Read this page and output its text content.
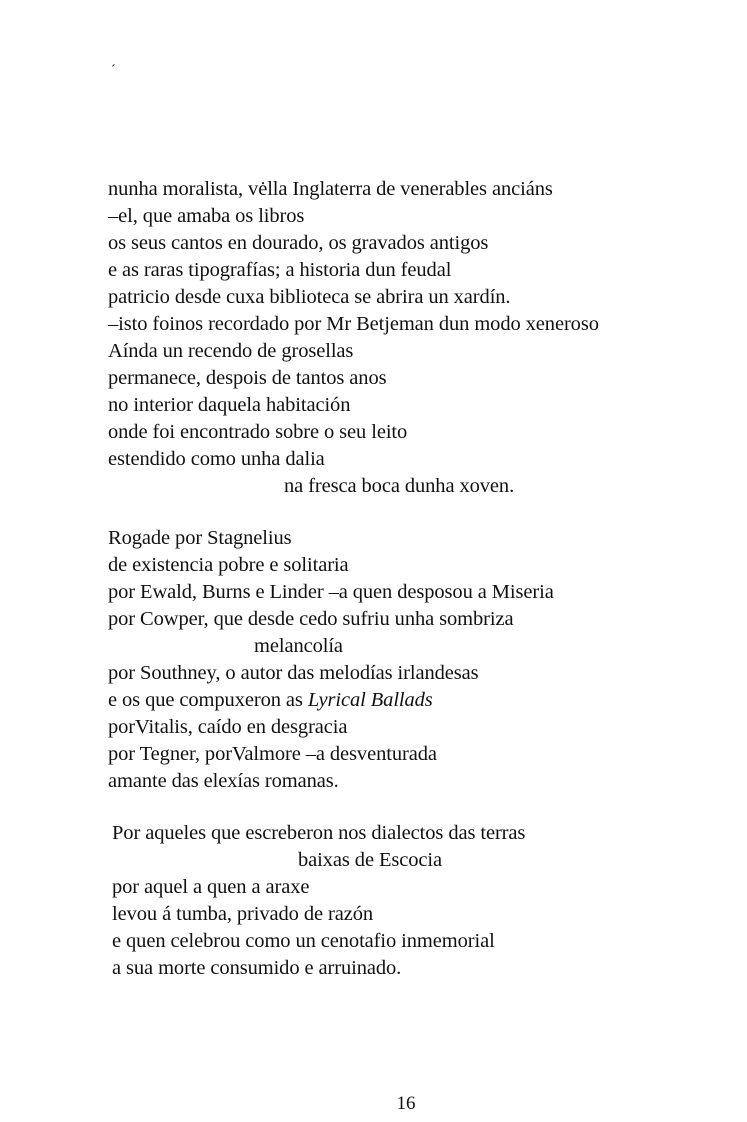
´
nunha moralista, vėlla Inglaterra de venerables anciáns
–el, que amaba os libros
os seus cantos en dourado, os gravados antigos
e as raras tipografías; a historia dun feudal
patricio desde cuxa biblioteca se abrira un xardín.
–isto foinos recordado por Mr Betjeman dun modo xeneroso
Aínda un recendo de grosellas
permanece, despois de tantos anos
no interior daquela habitación
onde foi encontrado sobre o seu leito
estendido como unha dalia
na fresca boca dunha xoven.
Rogade por Stagnelius
de existencia pobre e solitaria
por Ewald, Burns e Linder –a quen desposou a Miseria
por Cowper, que desde cedo sufriu unha sombriza
melancolía
por Southney, o autor das melodías irlandesas
e os que compuxeron as Lyrical Ballads
porVitalis, caído en desgracia
por Tegner, porValmore –a desventurada
amante das elexías romanas.
Por aqueles que escreberon nos dialectos das terras
baixas de Escocia
por aquel a quen a araxe
levou á tumba, privado de razón
e quen celebrou como un cenotafio inmemorial
a sua morte consumido e arruinado.
16
